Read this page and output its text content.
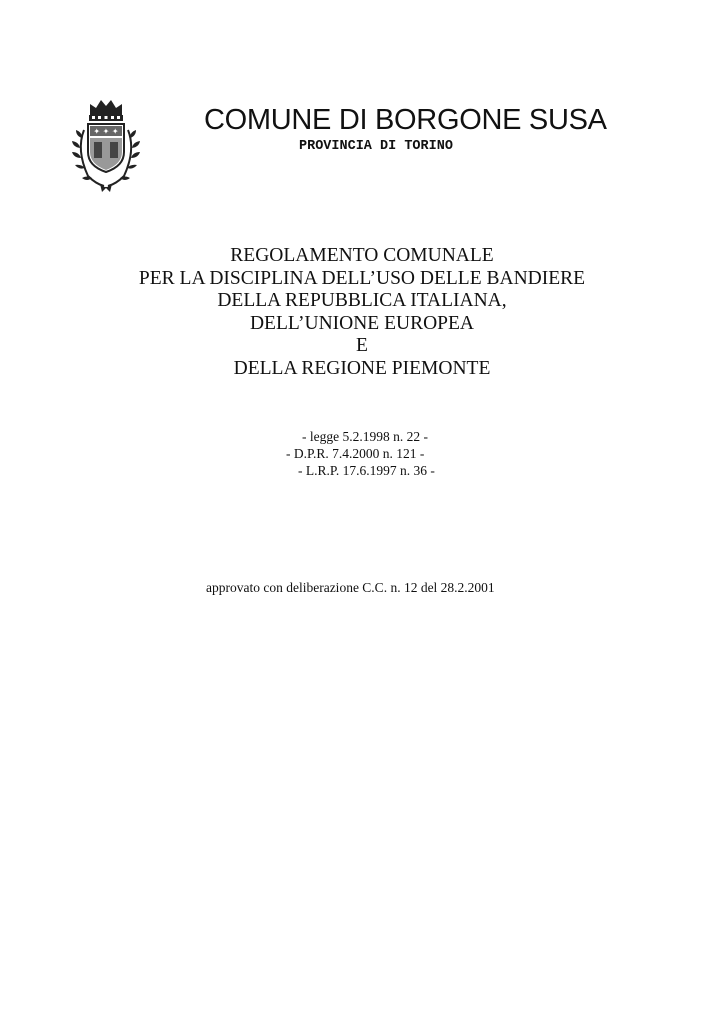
✦ ✦ ✦	COMUNE DI BORGONE SUSA
PROVINCIA DI TORINO
REGOLAMENTO COMUNALE
PER LA DISCIPLINA DELL’USO DELLE BANDIERE
DELLA REPUBBLICA ITALIANA,
DELL’UNIONE EUROPEA
E
DELLA REGIONE PIEMONTE
- legge 5.2.1998 n. 22 -
- D.P.R. 7.4.2000 n. 121 -
- L.R.P. 17.6.1997 n. 36 -
approvato con deliberazione C.C. n. 12 del 28.2.2001
